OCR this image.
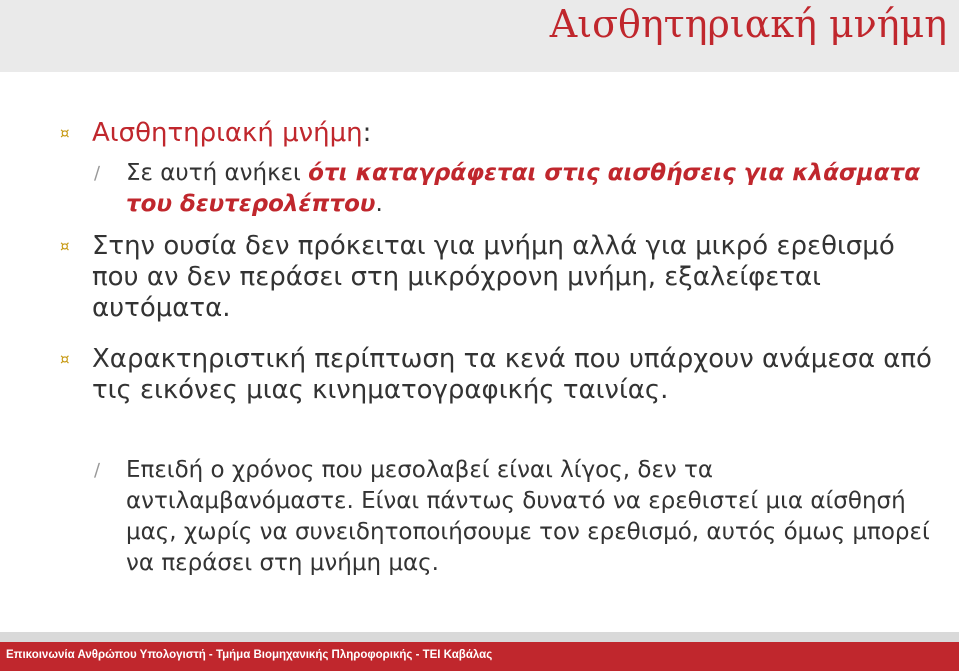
Αισθητηριακή μνήμη
¤ Αισθητηριακή μνήμη:
∕ Σε αυτή ανήκει ότι καταγράφεται στις αισθήσεις για κλάσματα του δευτερολέπτου.
¤ Στην ουσία δεν πρόκειται για μνήμη αλλά για μικρό ερεθισμό που αν δεν περάσει στη μικρόχρονη μνήμη, εξαλείφεται αυτόματα.
¤ Χαρακτηριστική περίπτωση τα κενά που υπάρχουν ανάμεσα από τις εικόνες μιας κινηματογραφικής ταινίας.
∕ Επειδή ο χρόνος που μεσολαβεί είναι λίγος, δεν τα αντιλαμβανόμαστε. Είναι πάντως δυνατό να ερεθιστεί μια αίσθησή μας, χωρίς να συνειδητοποιήσουμε τον ερεθισμό, αυτός όμως μπορεί να περάσει στη μνήμη μας.
Επικοινωνία Ανθρώπου Υπολογιστή - Τμήμα Βιομηχανικής Πληροφορικής - ΤΕΙ Καβάλας
